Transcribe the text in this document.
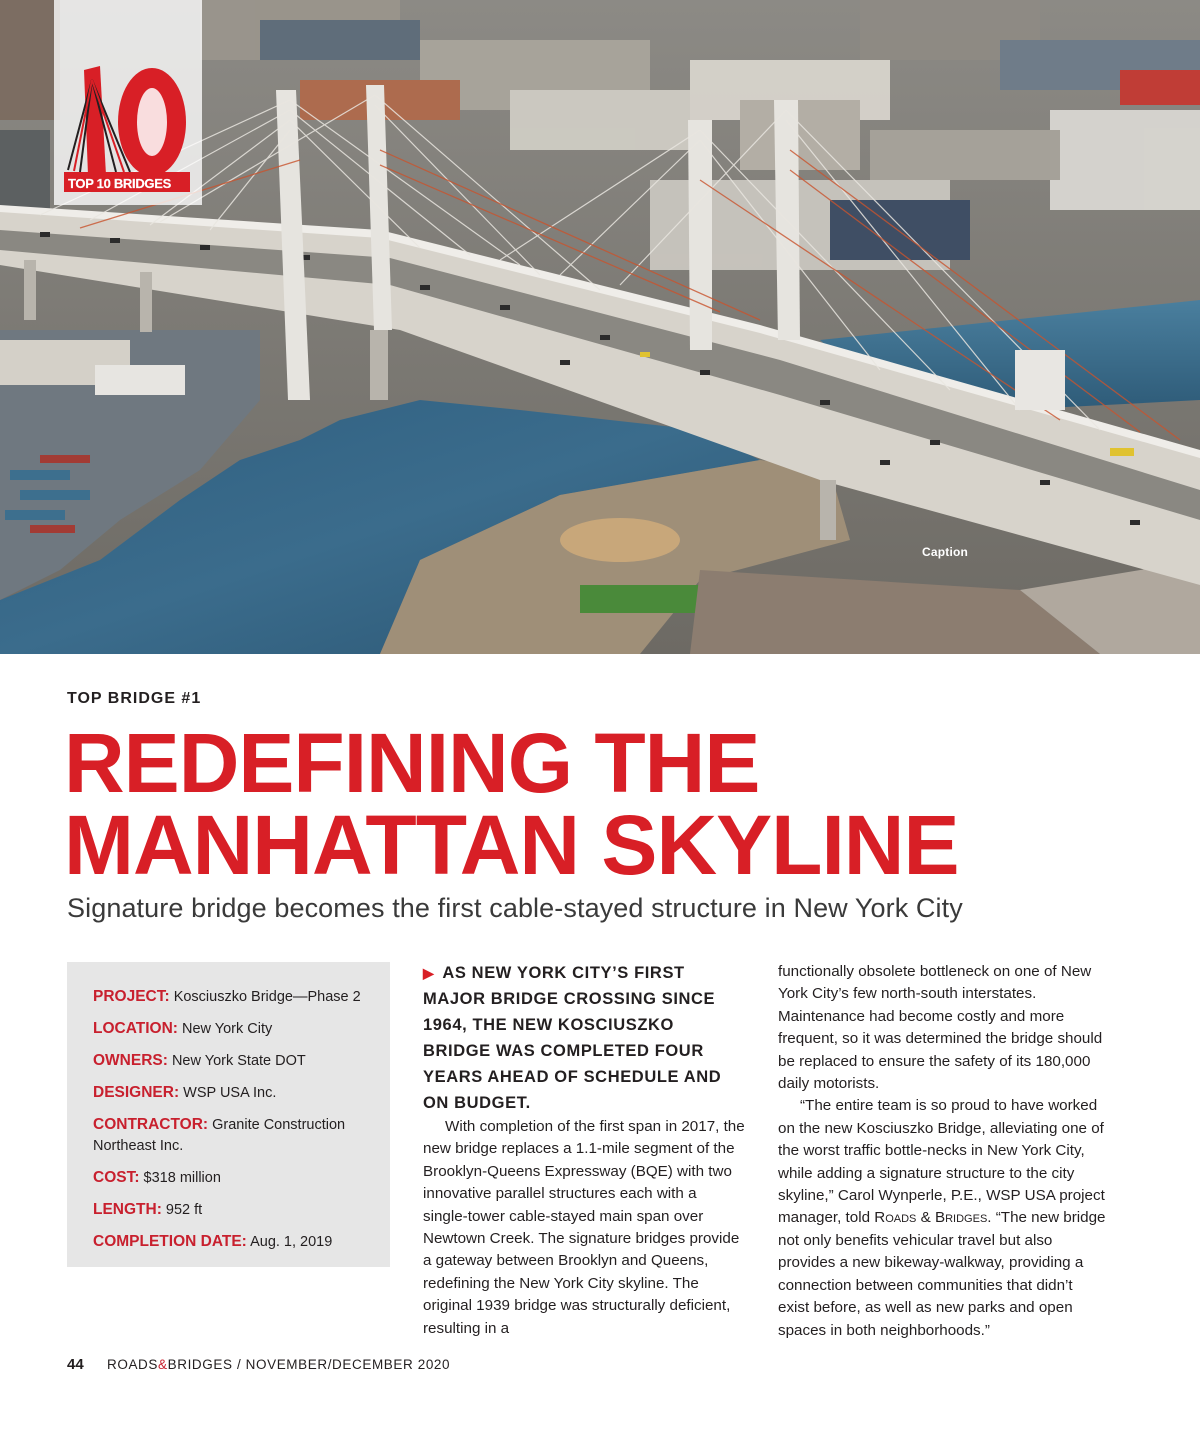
TOP 10 BRIDGES
Caption
TOP BRIDGE #1
REDEFINING THE
MANHATTAN SKYLINE
Signature bridge becomes the first cable-stayed structure in New York City
PROJECT: Kosciuszko Bridge—Phase 2
LOCATION: New York City
OWNERS: New York State DOT
DESIGNER: WSP USA Inc.
CONTRACTOR: Granite Construction Northeast Inc.
COST: $318 million
LENGTH: 952 ft
COMPLETION DATE: Aug. 1, 2019

▶ AS NEW YORK CITY’S FIRST MAJOR BRIDGE CROSSING SINCE 1964, THE NEW KOSCIUSZKO BRIDGE WAS COMPLETED FOUR YEARS AHEAD OF SCHEDULE AND ON BUDGET.

With completion of the first span in 2017, the new bridge replaces a 1.1-mile segment of the Brooklyn-Queens Expressway (BQE) with two innovative parallel structures each with a single-tower cable-stayed main span over Newtown Creek. The signature bridges provide a gateway between Brooklyn and Queens, redefining the New York City skyline. The original 1939 bridge was structurally deficient, resulting in a

functionally obsolete bottleneck on one of New York City’s few north-south interstates. Maintenance had become costly and more frequent, so it was determined the bridge should be replaced to ensure the safety of its 180,000 daily motorists.

“The entire team is so proud to have worked on the new Kosciuszko Bridge, alleviating one of the worst traffic bottle-necks in New York City, while adding a signature structure to the city skyline,” Carol Wynperle, P.E., WSP USA project manager, told Roads & Bridges. “The new bridge not only benefits vehicular travel but also provides a new bikeway-walkway, providing a connection between communities that didn’t exist before, as well as new parks and open spaces in both neighborhoods.”

44 ROADS&BRIDGES / NOVEMBER/DECEMBER 2020
